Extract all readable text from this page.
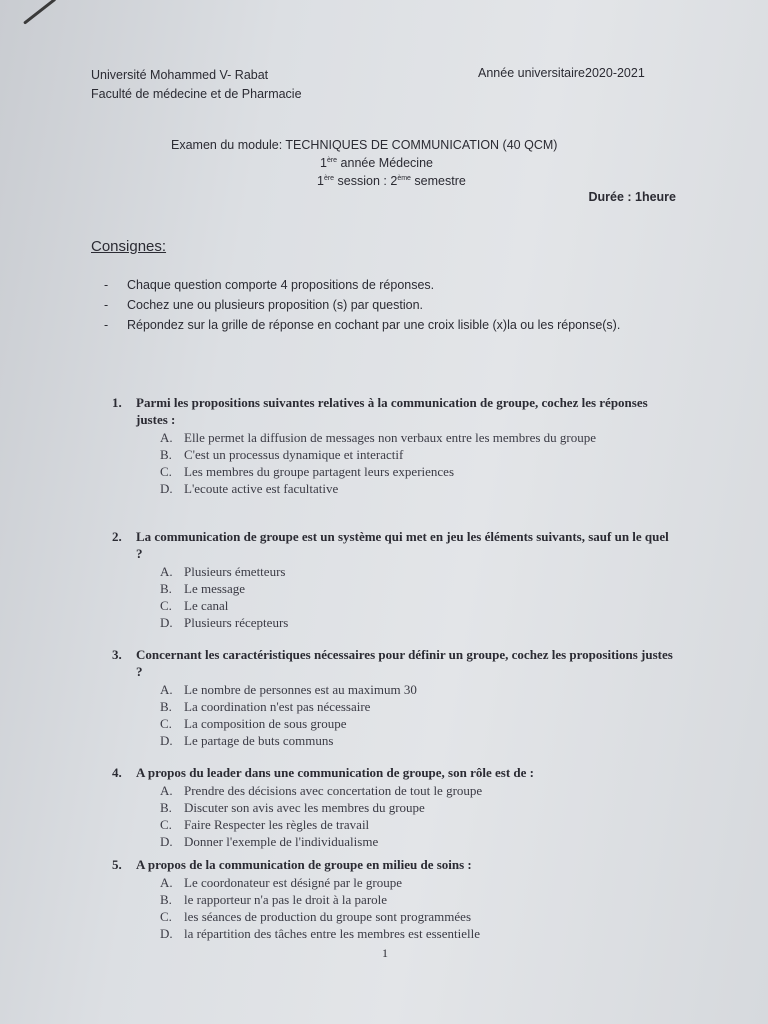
Université Mohammed V- Rabat
Faculté de médecine et de Pharmacie
Année universitaire2020-2021
Examen du module: TECHNIQUES DE COMMUNICATION (40 QCM)
1ère année Médecine
1ère session : 2ème semestre
Durée : 1heure
Consignes:
- Chaque question comporte 4 propositions de réponses.
- Cochez une ou plusieurs proposition (s) par question.
- Répondez sur la grille de réponse en cochant par une croix lisible (x)la ou les réponse(s).
1. Parmi les propositions suivantes relatives à la communication de groupe, cochez les réponses justes :
A. Elle permet la diffusion de messages non verbaux entre les membres du groupe
B. C'est un processus dynamique et interactif
C. Les membres du groupe partagent leurs experiences
D. L'ecoute active est facultative
2. La communication de groupe est un système qui met en jeu les éléments suivants, sauf un le quel ?
A. Plusieurs émetteurs
B. Le message
C. Le canal
D. Plusieurs récepteurs
3. Concernant les caractéristiques nécessaires pour définir un groupe, cochez les propositions justes ?
A. Le nombre de personnes est au maximum 30
B. La coordination n'est pas nécessaire
C. La composition de sous groupe
D. Le partage de buts communs
4. A propos du leader dans une communication de groupe, son rôle est de :
A. Prendre des décisions avec concertation de tout le groupe
B. Discuter son avis avec les membres du groupe
C. Faire Respecter les règles de travail
D. Donner l'exemple de l'individualisme
5. A propos de la communication de groupe en milieu de soins :
A. Le coordonateur est désigné par le groupe
B. le rapporteur n'a pas le droit à la parole
C. les séances de production du groupe sont programmées
D. la répartition des tâches entre les membres est essentielle
1
